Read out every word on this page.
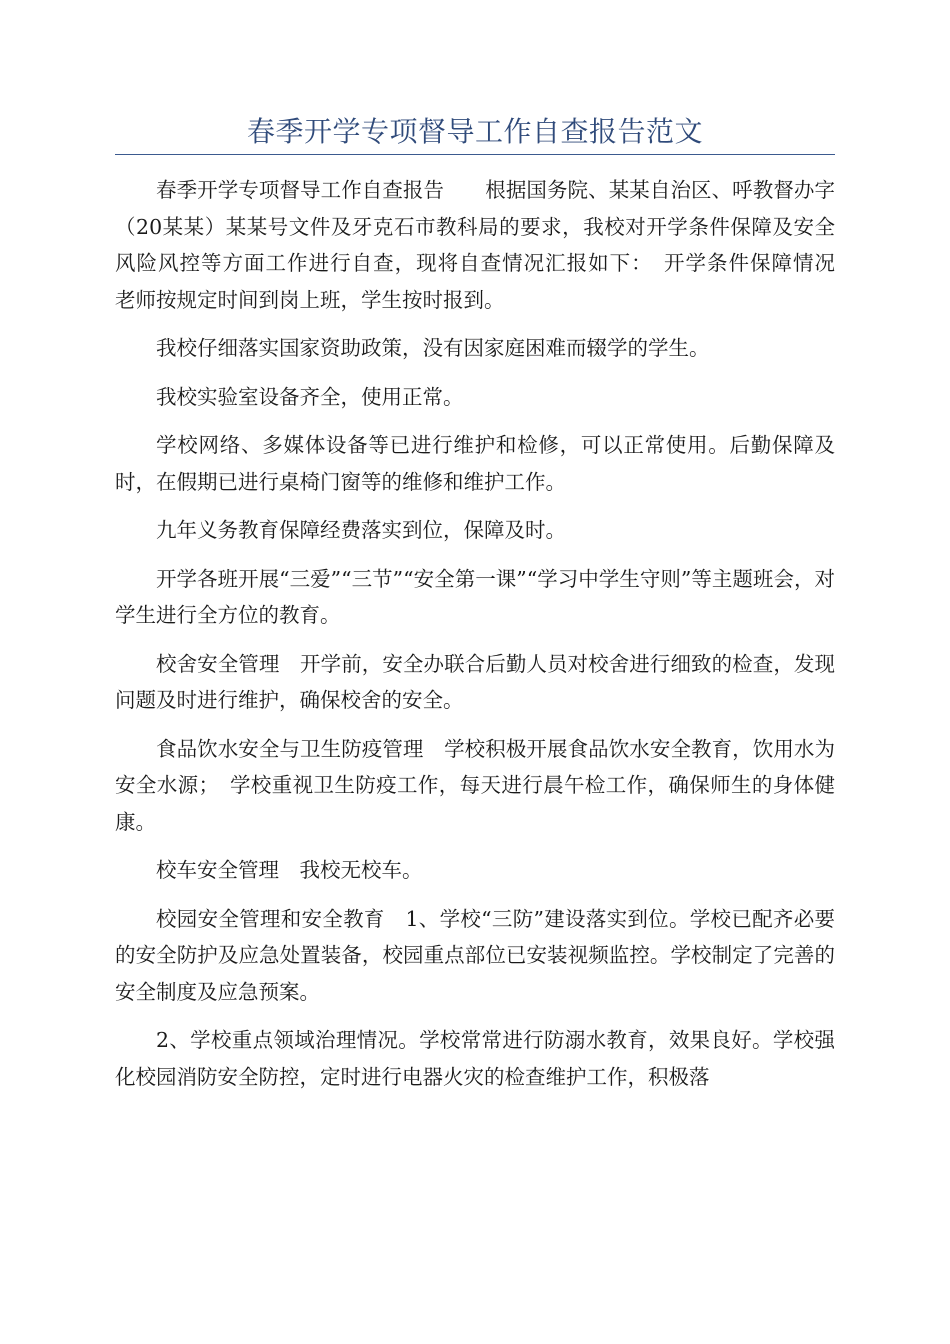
春季开学专项督导工作自查报告范文

春季开学专项督导工作自查报告　　根据国务院、某某自治区、呼教督办字（20某某）某某号文件及牙克石市教科局的要求，我校对开学条件保障及安全风险风控等方面工作进行自查，现将自查情况汇报如下：　开学条件保障情况　老师按规定时间到岗上班，学生按时报到。

我校仔细落实国家资助政策，没有因家庭困难而辍学的学生。

我校实验室设备齐全，使用正常。

学校网络、多媒体设备等已进行维护和检修，可以正常使用。后勤保障及时，在假期已进行桌椅门窗等的维修和维护工作。

九年义务教育保障经费落实到位，保障及时。

开学各班开展“三爱”“三节”“安全第一课”“学习中学生守则”等主题班会，对学生进行全方位的教育。

校舍安全管理　开学前，安全办联合后勤人员对校舍进行细致的检查，发现问题及时进行维护，确保校舍的安全。

食品饮水安全与卫生防疫管理　学校积极开展食品饮水安全教育，饮用水为安全水源；　学校重视卫生防疫工作，每天进行晨午检工作，确保师生的身体健康。

校车安全管理　我校无校车。

校园安全管理和安全教育　1、学校“三防”建设落实到位。学校已配齐必要的安全防护及应急处置装备，校园重点部位已安装视频监控。学校制定了完善的安全制度及应急预案。

2、学校重点领域治理情况。学校常常进行防溺水教育，效果良好。学校强化校园消防安全防控，定时进行电器火灾的检查维护工作，积极落
